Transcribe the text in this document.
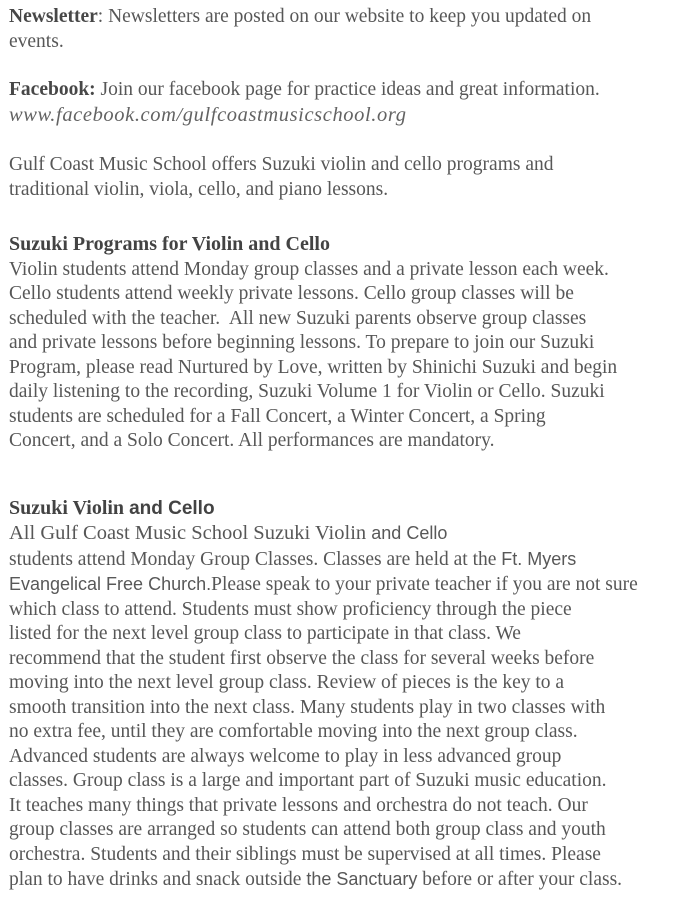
Newsletter: Newsletters are posted on our website to keep you updated on
events.
Facebook: Join our facebook page for practice ideas and great information.
www.facebook.com/gulfcoastmusicschool.org
Gulf Coast Music School offers Suzuki violin and cello programs and
traditional violin, viola, cello, and piano lessons.
Suzuki Programs for Violin and Cello
Violin students attend Monday group classes and a private lesson each week.
Cello students attend weekly private lessons. Cello group classes will be
scheduled with the teacher.  All new Suzuki parents observe group classes
and private lessons before beginning lessons. To prepare to join our Suzuki
Program, please read Nurtured by Love, written by Shinichi Suzuki and begin
daily listening to the recording, Suzuki Volume 1 for Violin or Cello. Suzuki
students are scheduled for a Fall Concert, a Winter Concert, a Spring
Concert, and a Solo Concert. All performances are mandatory.
Suzuki Violin and Cello
All Gulf Coast Music School Suzuki Violin and Cello
students attend Monday Group Classes. Classes are held at the Ft. Myers
Evangelical Free Church.Please speak to your private teacher if you are not sure
which class to attend. Students must show proficiency through the piece
listed for the next level group class to participate in that class. We
recommend that the student first observe the class for several weeks before
moving into the next level group class. Review of pieces is the key to a
smooth transition into the next class. Many students play in two classes with
no extra fee, until they are comfortable moving into the next group class.
Advanced students are always welcome to play in less advanced group
classes. Group class is a large and important part of Suzuki music education.
It teaches many things that private lessons and orchestra do not teach. Our
group classes are arranged so students can attend both group class and youth
orchestra. Students and their siblings must be supervised at all times. Please
plan to have drinks and snack outside the Sanctuary before or after your class.
